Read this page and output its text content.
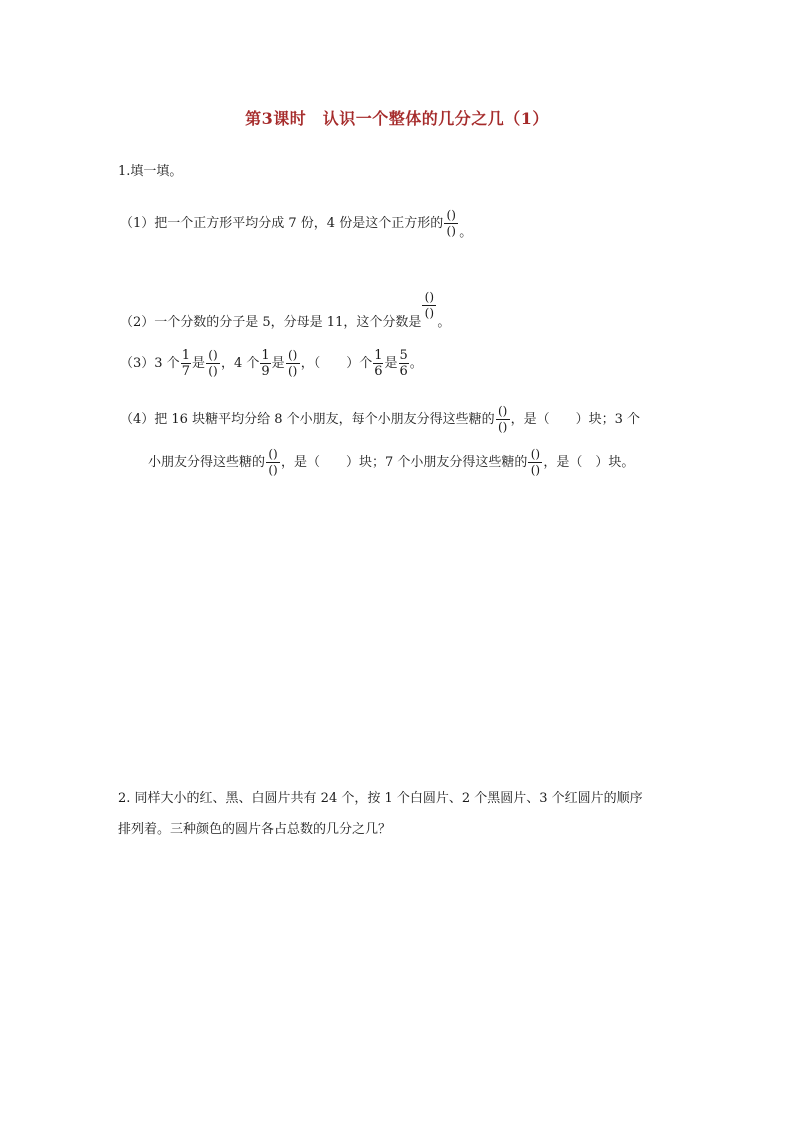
第3课时　认识一个整体的几分之几（1）
1.填一填。
（1）把一个正方形平均分成 7 份，4 份是这个正方形的 $\frac{()}{()}$ 。
（2）一个分数的分子是 5，分母是 11，这个分数是
$\frac{()}{()}$
。
（3）3 个 $\frac{1}{7}$ 是 $\frac{()}{()}$ ，4 个 $\frac{1}{9}$ 是 $\frac{()}{()}$ ，（　　）个 $\frac{1}{6}$ 是 $\frac{5}{6}$ 。
（4）把 16 块糖平均分给 8 个小朋友，每个小朋友分得这些糖的 $\frac{()}{()}$ ，是（　　）块；3 个
小朋友分得这些糖的 $\frac{()}{()}$ ，是（　　）块；7 个小朋友分得这些糖的 $\frac{()}{()}$ ，是（　）块。
2. 同样大小的红、黑、白圆片共有 24 个，按 1 个白圆片、2 个黑圆片、3 个红圆片的顺序
排列着。三种颜色的圆片各占总数的几分之几？
